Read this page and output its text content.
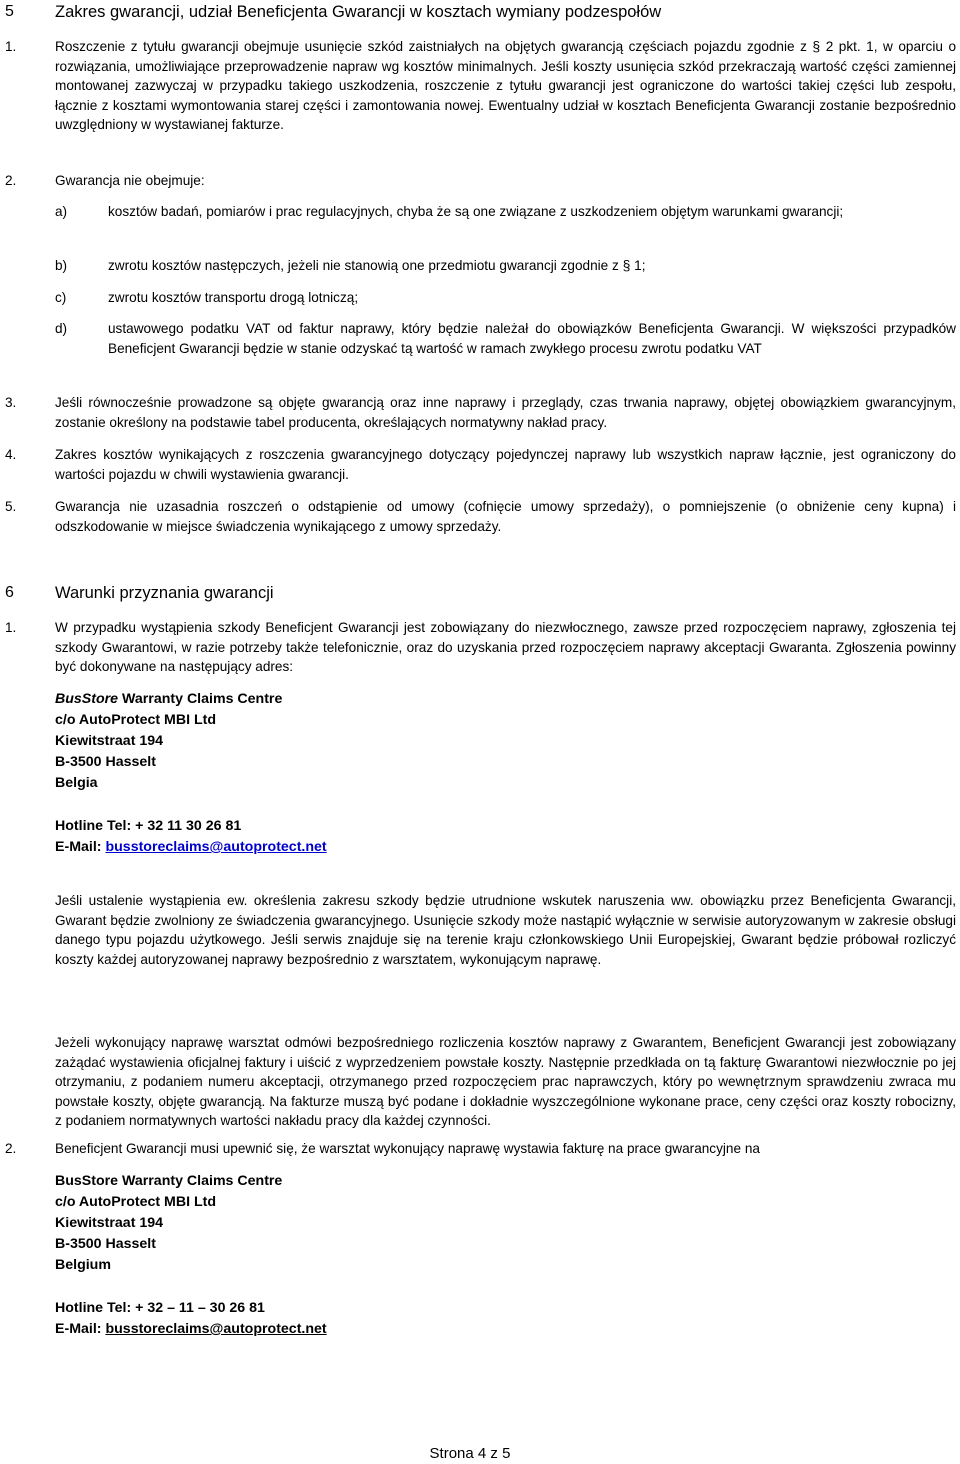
5 Zakres gwarancji, udział Beneficjenta Gwarancji w kosztach wymiany podzespołów
1.	Roszczenie z tytułu gwarancji obejmuje usunięcie szkód zaistniałych na objętych gwarancją częściach pojazdu zgodnie z § 2 pkt. 1, w oparciu o rozwiązania, umożliwiające przeprowadzenie napraw wg kosztów minimalnych. Jeśli koszty usunięcia szkód przekraczają wartość części zamiennej montowanej zazwyczaj w przypadku takiego uszkodzenia, roszczenie z tytułu gwarancji jest ograniczone do wartości takiej części lub zespołu, łącznie z kosztami wymontowania starej części i zamontowania nowej. Ewentualny udział w kosztach Beneficjenta Gwarancji zostanie bezpośrednio uwzględniony w wystawianej fakturze.

2.	Gwarancja nie obejmuje:
a)	kosztów badań, pomiarów i prac regulacyjnych, chyba że są one związane z uszkodzeniem objętym warunkami gwarancji;
b)	zwrotu kosztów następczych, jeżeli nie stanowią one przedmiotu gwarancji zgodnie z § 1;
c)	zwrotu kosztów transportu drogą lotniczą;
d)	ustawowego podatku VAT od faktur naprawy, który będzie należał do obowiązków Beneficjenta Gwarancji. W większości przypadków Beneficjent Gwarancji będzie w stanie odzyskać tą wartość w ramach zwykłego procesu zwrotu podatku VAT
3.	Jeśli równocześnie prowadzone są objęte gwarancją oraz inne naprawy i przeglądy, czas trwania naprawy, objętej obowiązkiem gwarancyjnym, zostanie określony na podstawie tabel producenta, określających normatywny nakład pracy.
4.	Zakres kosztów wynikających z roszczenia gwarancyjnego dotyczący pojedynczej naprawy lub wszystkich napraw łącznie, jest ograniczony do wartości pojazdu w chwili wystawienia gwarancji.
5.	Gwarancja nie uzasadnia roszczeń o odstąpienie od umowy (cofnięcie umowy sprzedaży), o pomniejszenie (o obniżenie ceny kupna) i odszkodowanie w miejsce świadczenia wynikającego z umowy sprzedaży.
6 Warunki przyznania gwarancji
1.	W przypadku wystąpienia szkody Beneficjent Gwarancji jest zobowiązany do niezwłocznego, zawsze przed rozpoczęciem naprawy, zgłoszenia tej szkody Gwarantowi, w razie potrzeby także telefonicznie, oraz do uzyskania przed rozpoczęciem naprawy akceptacji Gwaranta. Zgłoszenia powinny być dokonywane na następujący adres:
BusStore Warranty Claims Centre
c/o AutoProtect MBI Ltd
Kiewitstraat 194
B-3500 Hasselt
Belgia
Hotline Tel: + 32 11 30 26 81
E-Mail: busstoreclaims@autoprotect.net
Jeśli ustalenie wystąpienia ew. określenia zakresu szkody będzie utrudnione wskutek naruszenia ww. obowiązku przez Beneficjenta Gwarancji, Gwarant będzie zwolniony ze świadczenia gwarancyjnego. Usunięcie szkody może nastąpić wyłącznie w serwisie autoryzowanym w zakresie obsługi danego typu pojazdu użytkowego. Jeśli serwis znajduje się na terenie kraju członkowskiego Unii Europejskiej, Gwarant będzie próbował rozliczyć koszty każdej autoryzowanej naprawy bezpośrednio z warsztatem, wykonującym naprawę.
Jeżeli wykonujący naprawę warsztat odmówi bezpośredniego rozliczenia kosztów naprawy z Gwarantem, Beneficjent Gwarancji jest zobowiązany zażądać wystawienia oficjalnej faktury i uiścić z wyprzedzeniem powstałe koszty. Następnie przedkłada on tą fakturę Gwarantowi niezwłocznie po jej otrzymaniu, z podaniem numeru akceptacji, otrzymanego przed rozpoczęciem prac naprawczych, który po wewnętrznym sprawdzeniu zwraca mu powstałe koszty, objęte gwarancją. Na fakturze muszą być podane i dokładnie wyszczególnione wykonane prace, ceny części oraz koszty robocizny, z podaniem normatywnych wartości nakładu pracy dla każdej czynności.
2.	Beneficjent Gwarancji musi upewnić się, że warsztat wykonujący naprawę wystawia fakturę na prace gwarancyjne na
BusStore Warranty Claims Centre
c/o AutoProtect MBI Ltd
Kiewitstraat 194
B-3500 Hasselt
Belgium
Hotline Tel: + 32 – 11 – 30 26 81
E-Mail: busstoreclaims@autoprotect.net
Strona 4 z 5
